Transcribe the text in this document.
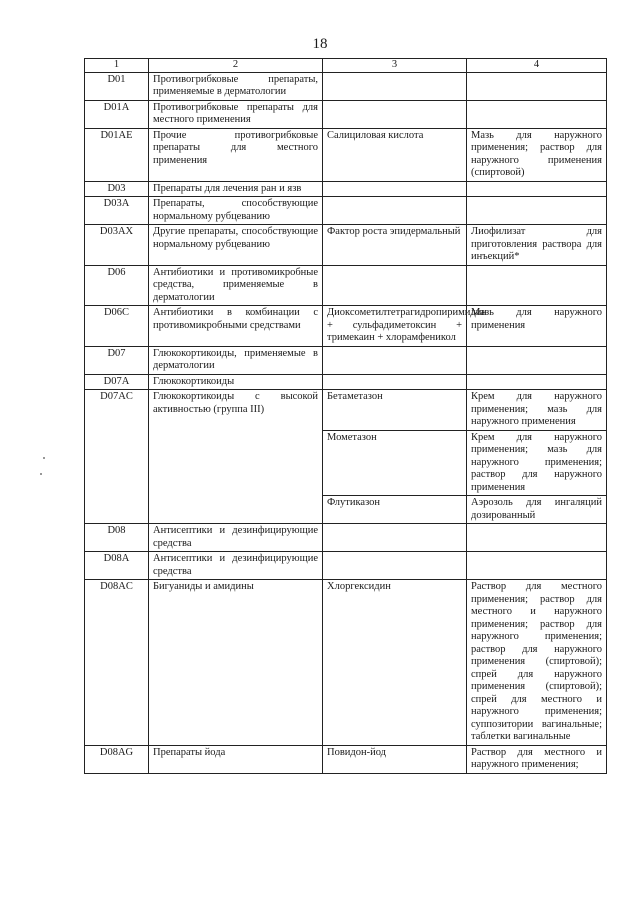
18
1	2	3	4
D01	Противогрибковые препараты, применяемые в дерматологии		
D01A	Противогрибковые препараты для местного применения		
D01AE	Прочие противогрибковые препараты для местного применения	Салициловая кислота	Мазь для наружного применения; раствор для наружного применения (спиртовой)
D03	Препараты для лечения ран и язв		
D03A	Препараты, способствующие нормальному рубцеванию		
D03AX	Другие препараты, способствующие нормальному рубцеванию	Фактор роста эпидермальный	Лиофилизат для приготовления раствора для инъекций*
D06	Антибиотики и противомикробные средства, применяемые в дерматологии		
D06C	Антибиотики в комбинации с противомикробными средствами	Диоксометилтетрагидропиримидин + сульфадиметоксин + тримекаин + хлорамфеникол	Мазь для наружного применения
D07	Глюкокортикоиды, применяемые в дерматологии		
D07A	Глюкокортикоиды		
D07AC	Глюкокортикоиды с высокой активностью (группа III)	Бетаметазон	Крем для наружного применения; мазь для наружного применения
		Мометазон	Крем для наружного применения; мазь для наружного применения; раствор для наружного применения
		Флутиказон	Аэрозоль для ингаляций дозированный
D08	Антисептики и дезинфицирующие средства		
D08A	Антисептики и дезинфицирующие средства		
D08AC	Бигуаниды и амидины	Хлоргексидин	Раствор для местного применения; раствор для местного и наружного применения; раствор для наружного применения; раствор для наружного применения (спиртовой); спрей для наружного применения (спиртовой); спрей для местного и наружного применения; суппозитории вагинальные; таблетки вагинальные
D08AG	Препараты йода	Повидон-йод	Раствор для местного и наружного применения;
